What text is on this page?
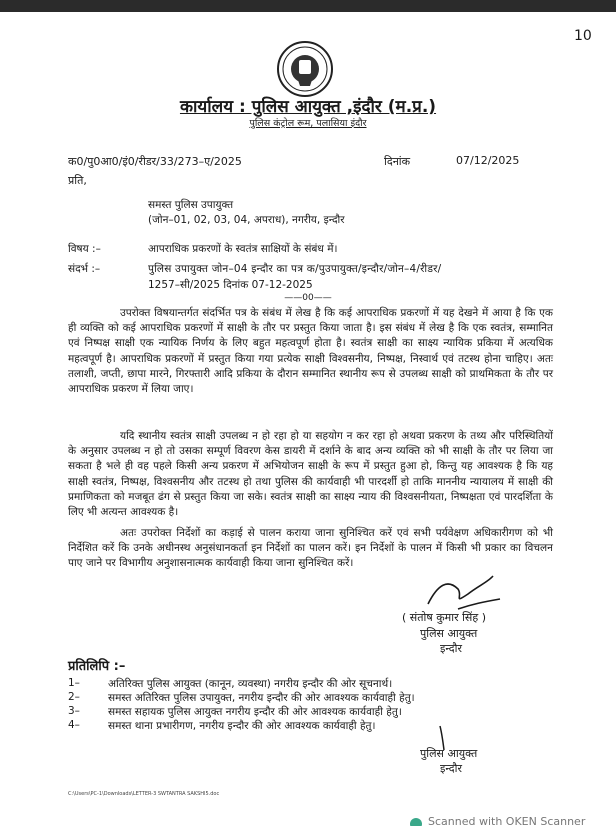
10
कार्यालय : पुलिस आयुक्त ,इंदौर (म.प्र.)
पुलिस कंट्रोल रूम, पलासिया इंदौर
क0/पु0आ0/इं0/रीडर/33/273–ए/2025	दिनांक	07/12/2025
प्रति,
समस्त पुलिस उपायुक्त
(जोन–01, 02, 03, 04, अपराध), नगरीय, इन्दौर
विषय :–	आपराधिक प्रकरणों के स्वतंत्र साक्षियों के संबंध में।
संदर्भ :–	पुलिस उपायुक्त जोन–04 इन्दौर का पत्र क/पुउपायुक्त/इन्दौर/जोन–4/रीडर/
1257–सी/2025 दिनांक 07-12-2025
——00——

उपरोक्त विषयान्तर्गत संदर्भित पत्र के संबंध में लेख है कि कई आपराधिक प्रकरणों में यह देखने में आया है कि एक ही व्यक्ति को कई आपराधिक प्रकरणों में साक्षी के तौर पर प्रस्तुत किया जाता है। इस संबंध में लेख है कि एक स्वतंत्र, सम्मानित एवं निष्पक्ष साक्षी एक न्यायिक निर्णय के लिए बहुत महत्वपूर्ण होता है। स्वतंत्र साक्षी का साक्ष्य न्यायिक प्रकिया में अत्यधिक महत्वपूर्ण है। आपराधिक प्रकरणों में प्रस्तुत किया गया प्रत्येक साक्षी विश्वसनीय, निष्पक्ष, निस्वार्थ एवं तटस्थ होना चाहिए। अतः तलाशी, जप्ती, छापा मारने, गिरफ्तारी आदि प्रकिया के दौरान सम्मानित स्थानीय रूप से उपलब्ध साक्षी को प्राथमिकता के तौर पर आपराधिक प्रकरण में लिया जाए।

यदि स्थानीय स्वतंत्र साक्षी उपलब्ध न हो रहा हो या सहयोग न कर रहा हो अथवा प्रकरण के तथ्य और परिस्थितियों के अनुसार उपलब्ध न हो तो उसका सम्पूर्ण विवरण केस डायरी में दर्शाने के बाद अन्य व्यक्ति को भी साक्षी के तौर पर लिया जा सकता है भले ही वह पहले किसी अन्य प्रकरण में अभियोजन साक्षी के रूप में प्रस्तुत हुआ हो, किन्तु यह आवश्यक है कि यह साक्षी स्वतंत्र, निष्पक्ष, विश्वसनीय और तटस्थ हो तथा पुलिस की कार्यवाही भी पारदर्शी हो ताकि माननीय न्यायालय में साक्षी की प्रमाणिकता को मजबूत ढंग से प्रस्तुत किया जा सके। स्वतंत्र साक्षी का साक्ष्य न्याय की विश्वसनीयता, निष्पक्षता एवं पारदर्शिता के लिए भी अत्यन्त आवश्यक है।

अतः उपरोक्त निर्देशों का कड़ाई से पालन कराया जाना सुनिश्चित करें एवं सभी पर्यवेक्षण अधिकारीगण को भी निर्देशित करें कि उनके अधीनस्थ अनुसंधानकर्ता इन निर्देशों का पालन करें। इन निर्देशों के पालन में किसी भी प्रकार का विचलन पाए जाने पर विभागीय अनुशासनात्मक कार्यवाही किया जाना सुनिश्चित करें।

( संतोष कुमार सिंह )
पुलिस आयुक्त
इन्दौर
प्रतिलिपि :–
1–	अतिरिक्त पुलिस आयुक्त (कानून, व्यवस्था) नगरीय इन्दौर की ओर सूचनार्थ।
2–	समस्त अतिरिक्त पुलिस उपायुक्त, नगरीय इन्दौर की ओर आवश्यक कार्यवाही हेतु।
3–	समस्त सहायक पुलिस आयुक्त नगरीय इन्दौर की ओर आवश्यक कार्यवाही हेतु।
4–	समस्त थाना प्रभारीगण, नगरीय इन्दौर की ओर आवश्यक कार्यवाही हेतु।
पुलिस आयुक्त
इन्दौर
C:\Users\PC-1\Downloads\LETTER-3 SWTANTRA SAKSHI5.doc
Scanned with OKEN Scanner
